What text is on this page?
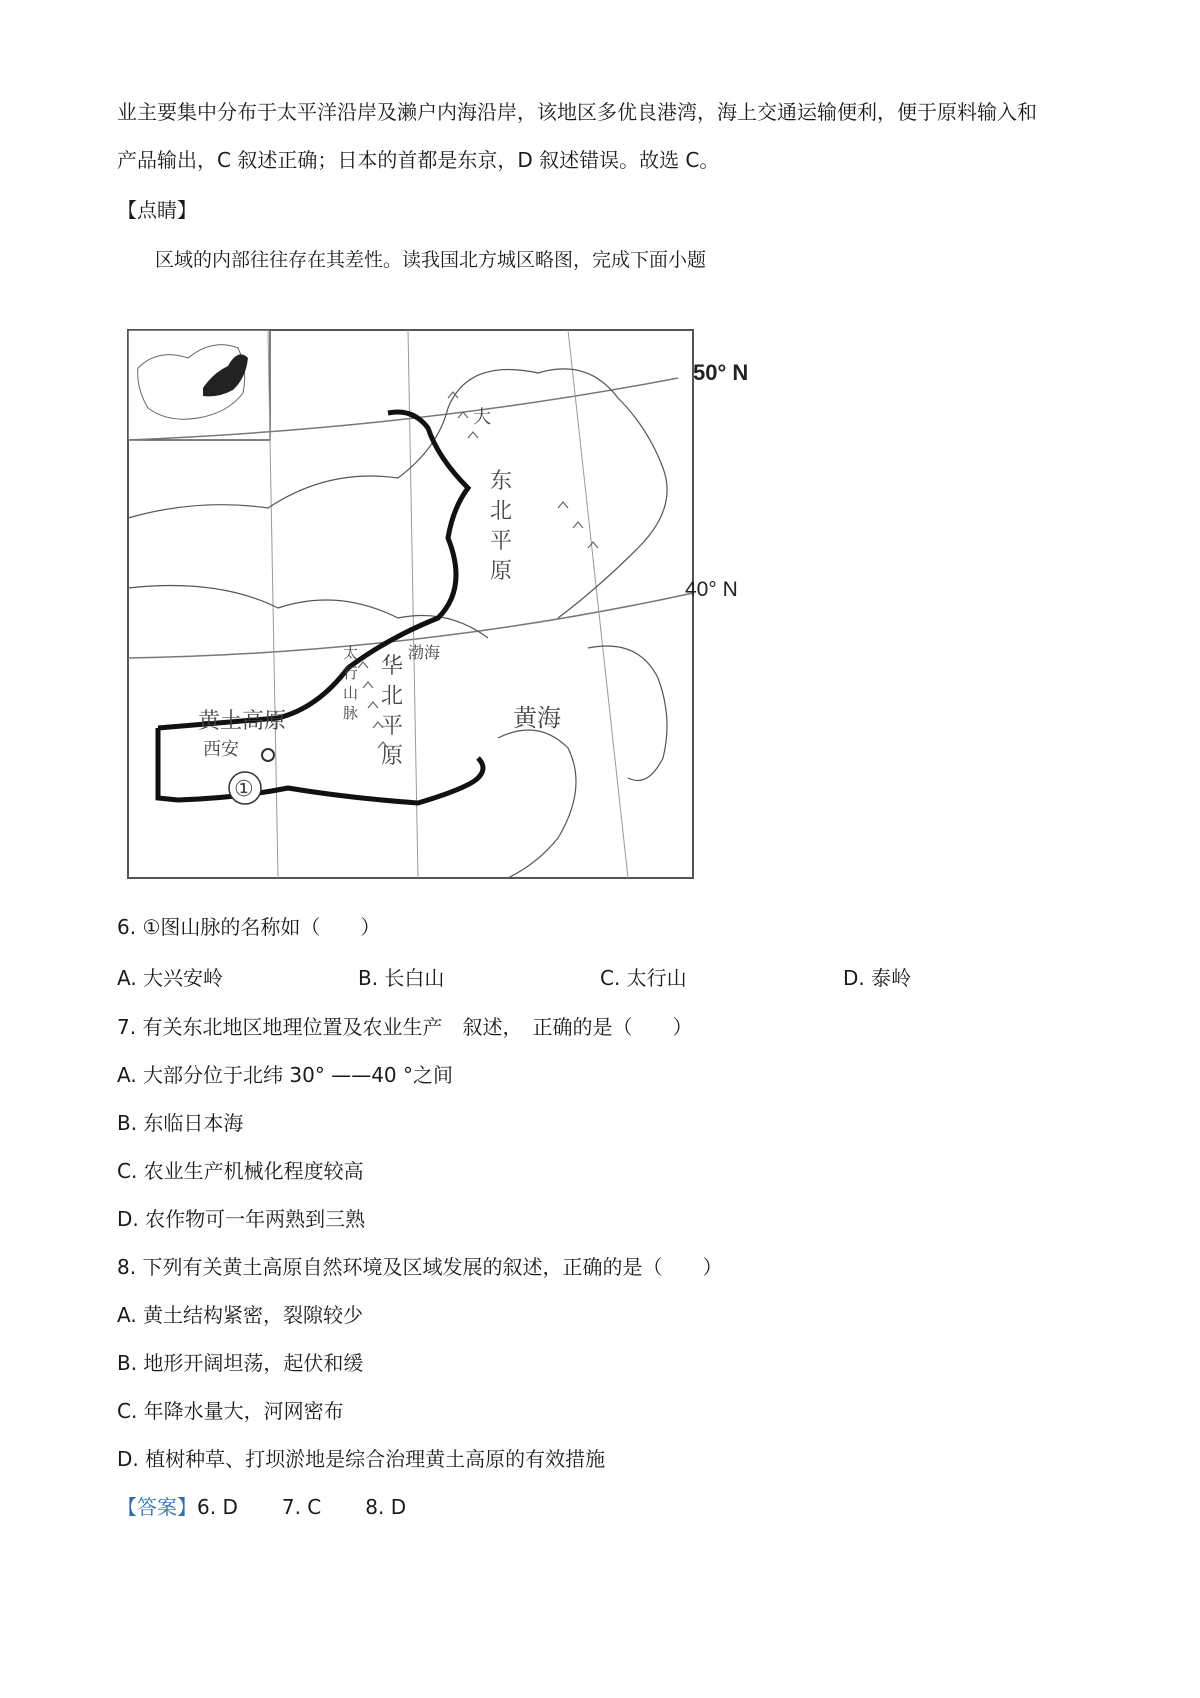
业主要集中分布于太平洋沿岸及濑户内海沿岸，该地区多优良港湾，海上交通运输便利，便于原料输入和
产品输出，C 叙述正确；日本的首都是东京，D 叙述错误。故选 C。
【点睛】
区域的内部往往存在其差性。读我国北方城区略图，完成下面小题
东
北
平
原
大
华
北
平
原
太
行
山
脉
渤海
黄海
黄土高原
西安
①
50° N
40° N
6. ①图山脉的名称如（　　）
A. 大兴安岭	B. 长白山	C. 太行山	D. 泰岭
7. 有关东北地区地理位置及农业生产　叙述，　正确的是（　　）
A. 大部分位于北纬 30° ——40 °之间
B. 东临日本海
C. 农业生产机械化程度较高
D. 农作物可一年两熟到三熟
8. 下列有关黄土高原自然环境及区域发展的叙述，正确的是（　　）
A. 黄土结构紧密，裂隙较少
B. 地形开阔坦荡，起伏和缓
C. 年降水量大，河网密布
D. 植树种草、打坝淤地是综合治理黄土高原的有效措施
【答案】6. D 7. C 8. D
